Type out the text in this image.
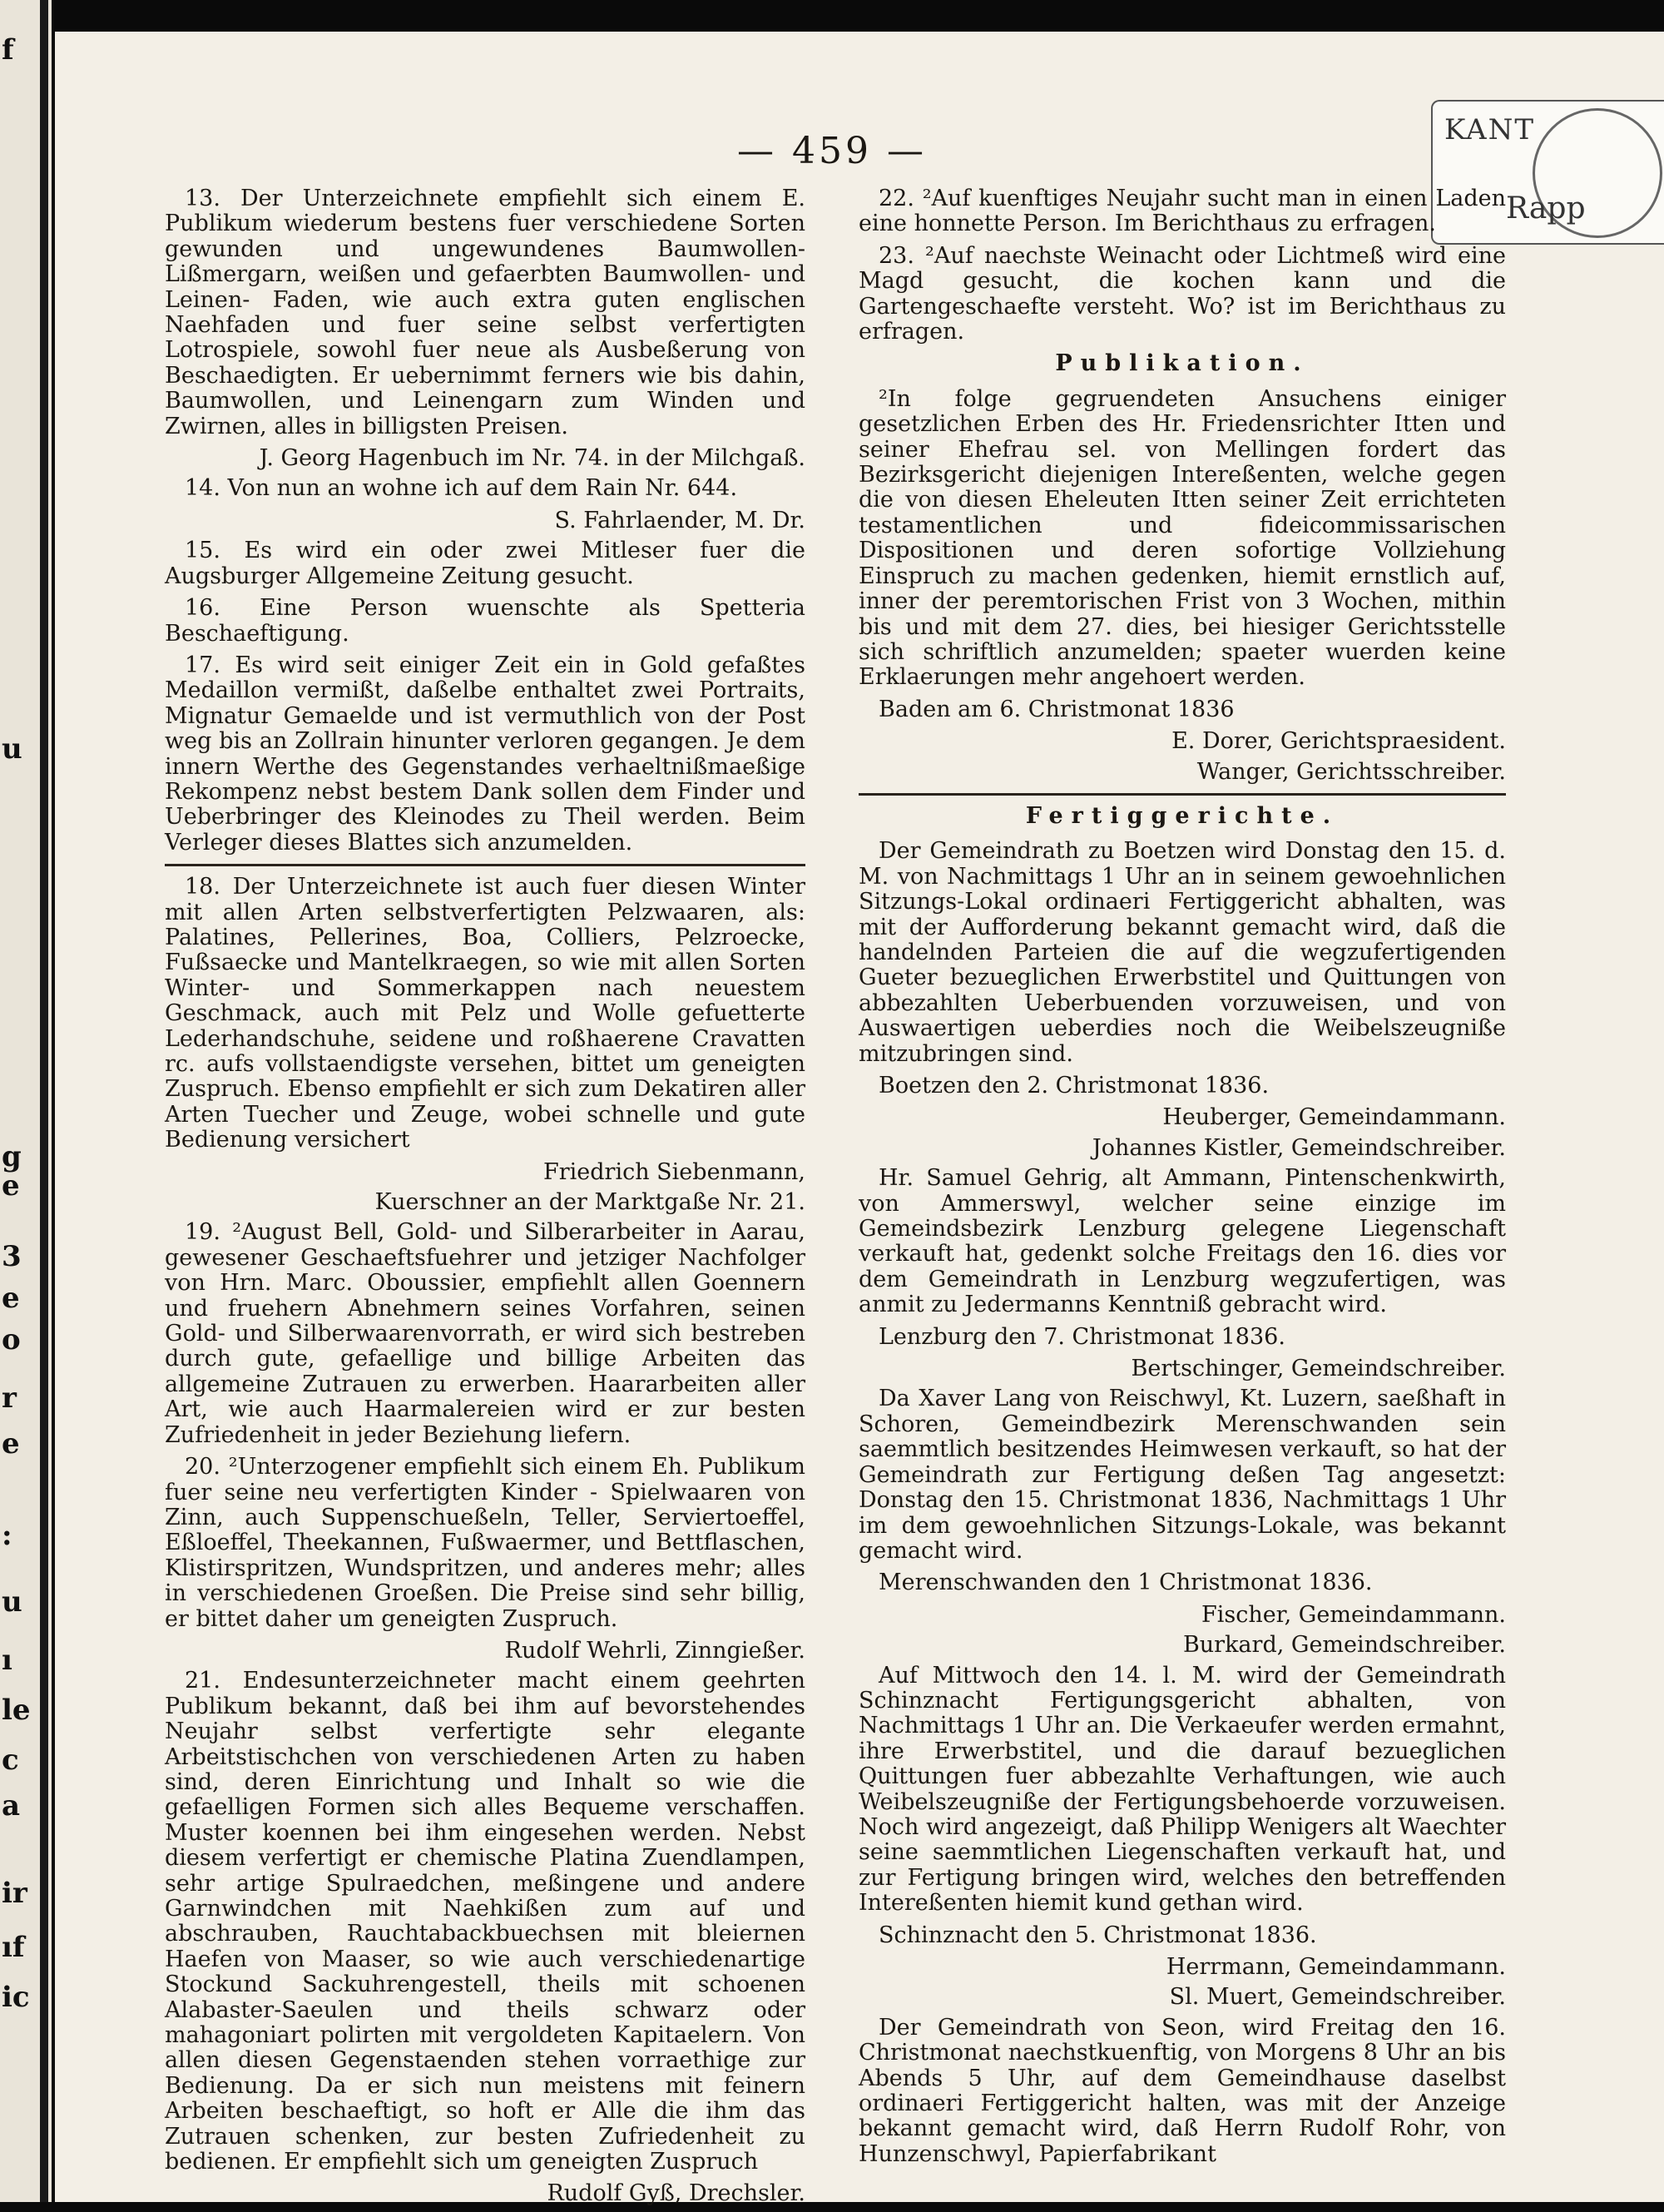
f
u
g
e
3
e
o
r
e
:
u
ı
le
c
a
ir
ıf
ic
KANT
Rapp
— 459 —

13. Der Unterzeichnete empfiehlt sich einem E. Publikum wiederum bestens fuer verschiedene Sorten gewunden und ungewundenes Baumwollen-Lißmergarn, weißen und gefaerbten Baumwollen- und Leinen- Faden, wie auch extra guten englischen Naehfaden und fuer seine selbst verfertigten Lotrospiele, sowohl fuer neue als Ausbeßerung von Beschaedigten. Er uebernimmt ferners wie bis dahin, Baumwollen, und Leinengarn zum Winden und Zwirnen, alles in billigsten Preisen.

J. Georg Hagenbuch im Nr. 74. in der Milchgaß.

14. Von nun an wohne ich auf dem Rain Nr. 644.

S. Fahrlaender, M. Dr.

15. Es wird ein oder zwei Mitleser fuer die Augsburger Allgemeine Zeitung gesucht.

16. Eine Person wuenschte als Spetteria Beschaeftigung.

17. Es wird seit einiger Zeit ein in Gold gefaßtes Medaillon vermißt, daßelbe enthaltet zwei Portraits, Mignatur Gemaelde und ist vermuthlich von der Post weg bis an Zollrain hinunter verloren gegangen. Je dem innern Werthe des Gegenstandes verhaeltnißmaeßige Rekompenz nebst bestem Dank sollen dem Finder und Ueberbringer des Kleinodes zu Theil werden. Beim Verleger dieses Blattes sich anzumelden.

18. Der Unterzeichnete ist auch fuer diesen Winter mit allen Arten selbstverfertigten Pelzwaaren, als: Palatines, Pellerines, Boa, Colliers, Pelzroecke, Fußsaecke und Mantelkraegen, so wie mit allen Sorten Winter- und Sommerkappen nach neuestem Geschmack, auch mit Pelz und Wolle gefuetterte Lederhandschuhe, seidene und roßhaerene Cravatten rc. aufs vollstaendigste versehen, bittet um geneigten Zuspruch. Ebenso empfiehlt er sich zum Dekatiren aller Arten Tuecher und Zeuge, wobei schnelle und gute Bedienung versichert

Friedrich Siebenmann,

Kuerschner an der Marktgaße Nr. 21.

19. ²August Bell, Gold- und Silberarbeiter in Aarau, gewesener Geschaeftsfuehrer und jetziger Nachfolger von Hrn. Marc. Oboussier, empfiehlt allen Goennern und fruehern Abnehmern seines Vorfahren, seinen Gold- und Silberwaarenvorrath, er wird sich bestreben durch gute, gefaellige und billige Arbeiten das allgemeine Zutrauen zu erwerben. Haararbeiten aller Art, wie auch Haarmalereien wird er zur besten Zufriedenheit in jeder Beziehung liefern.

20. ²Unterzogener empfiehlt sich einem Eh. Publikum fuer seine neu verfertigten Kinder - Spielwaaren von Zinn, auch Suppenschueßeln, Teller, Serviertoeffel, Eßloeffel, Theekannen, Fußwaermer, und Bettflaschen, Klistirspritzen, Wundspritzen, und anderes mehr; alles in verschiedenen Groeßen. Die Preise sind sehr billig, er bittet daher um geneigten Zuspruch.

Rudolf Wehrli, Zinngießer.

21. Endesunterzeichneter macht einem geehrten Publikum bekannt, daß bei ihm auf bevorstehendes Neujahr selbst verfertigte sehr elegante Arbeitstischchen von verschiedenen Arten zu haben sind, deren Einrichtung und Inhalt so wie die gefaelligen Formen sich alles Bequeme verschaffen. Muster koennen bei ihm eingesehen werden. Nebst diesem verfertigt er chemische Platina Zuendlampen, sehr artige Spulraedchen, meßingene und andere Garnwindchen mit Naehkißen zum auf und abschrauben, Rauchtabackbuechsen mit bleiernen Haefen von Maaser, so wie auch verschiedenartige Stockund Sackuhrengestell, theils mit schoenen Alabaster-Saeulen und theils schwarz oder mahagoniart polirten mit vergoldeten Kapitaelern. Von allen diesen Gegenstaenden stehen vorraethige zur Bedienung. Da er sich nun meistens mit feinern Arbeiten beschaeftigt, so hoft er Alle die ihm das Zutrauen schenken, zur besten Zufriedenheit zu bedienen. Er empfiehlt sich um geneigten Zuspruch

Rudolf Gyß, Drechsler.

22. ²Auf kuenftiges Neujahr sucht man in einen Laden eine honnette Person. Im Berichthaus zu erfragen.

23. ²Auf naechste Weinacht oder Lichtmeß wird eine Magd gesucht, die kochen kann und die Gartengeschaefte versteht. Wo? ist im Berichthaus zu erfragen.

Publikation.

²In folge gegruendeten Ansuchens einiger gesetzlichen Erben des Hr. Friedensrichter Itten und seiner Ehefrau sel. von Mellingen fordert das Bezirksgericht diejenigen Intereßenten, welche gegen die von diesen Eheleuten Itten seiner Zeit errichteten testamentlichen und fideicommissarischen Dispositionen und deren sofortige Vollziehung Einspruch zu machen gedenken, hiemit ernstlich auf, inner der peremtorischen Frist von 3 Wochen, mithin bis und mit dem 27. dies, bei hiesiger Gerichtsstelle sich schriftlich anzumelden; spaeter wuerden keine Erklaerungen mehr angehoert werden.

Baden am 6. Christmonat 1836

E. Dorer, Gerichtspraesident.

Wanger, Gerichtsschreiber.

Fertiggerichte.

Der Gemeindrath zu Boetzen wird Donstag den 15. d. M. von Nachmittags 1 Uhr an in seinem gewoehnlichen Sitzungs-Lokal ordinaeri Fertiggericht abhalten, was mit der Aufforderung bekannt gemacht wird, daß die handelnden Parteien die auf die wegzufertigenden Gueter bezueglichen Erwerbstitel und Quittungen von abbezahlten Ueberbuenden vorzuweisen, und von Auswaertigen ueberdies noch die Weibelszeugniße mitzubringen sind.

Boetzen den 2. Christmonat 1836.

Heuberger, Gemeindammann.

Johannes Kistler, Gemeindschreiber.

Hr. Samuel Gehrig, alt Ammann, Pintenschenkwirth, von Ammerswyl, welcher seine einzige im Gemeindsbezirk Lenzburg gelegene Liegenschaft verkauft hat, gedenkt solche Freitags den 16. dies vor dem Gemeindrath in Lenzburg wegzufertigen, was anmit zu Jedermanns Kenntniß gebracht wird.

Lenzburg den 7. Christmonat 1836.

Bertschinger, Gemeindschreiber.

Da Xaver Lang von Reischwyl, Kt. Luzern, saeßhaft in Schoren, Gemeindbezirk Merenschwanden sein saemmtlich besitzendes Heimwesen verkauft, so hat der Gemeindrath zur Fertigung deßen Tag angesetzt: Donstag den 15. Christmonat 1836, Nachmittags 1 Uhr im dem gewoehnlichen Sitzungs-Lokale, was bekannt gemacht wird.

Merenschwanden den 1 Christmonat 1836.

Fischer, Gemeindammann.

Burkard, Gemeindschreiber.

Auf Mittwoch den 14. l. M. wird der Gemeindrath Schinznacht Fertigungsgericht abhalten, von Nachmittags 1 Uhr an. Die Verkaeufer werden ermahnt, ihre Erwerbstitel, und die darauf bezueglichen Quittungen fuer abbezahlte Verhaftungen, wie auch Weibelszeugniße der Fertigungsbehoerde vorzuweisen. Noch wird angezeigt, daß Philipp Wenigers alt Waechter seine saemmtlichen Liegenschaften verkauft hat, und zur Fertigung bringen wird, welches den betreffenden Intereßenten hiemit kund gethan wird.

Schinznacht den 5. Christmonat 1836.

Herrmann, Gemeindammann.

Sl. Muert, Gemeindschreiber.

Der Gemeindrath von Seon, wird Freitag den 16. Christmonat naechstkuenftig, von Morgens 8 Uhr an bis Abends 5 Uhr, auf dem Gemeindhause daselbst ordinaeri Fertiggericht halten, was mit der Anzeige bekannt gemacht wird, daß Herrn Rudolf Rohr, von Hunzenschwyl, Papierfabrikant
